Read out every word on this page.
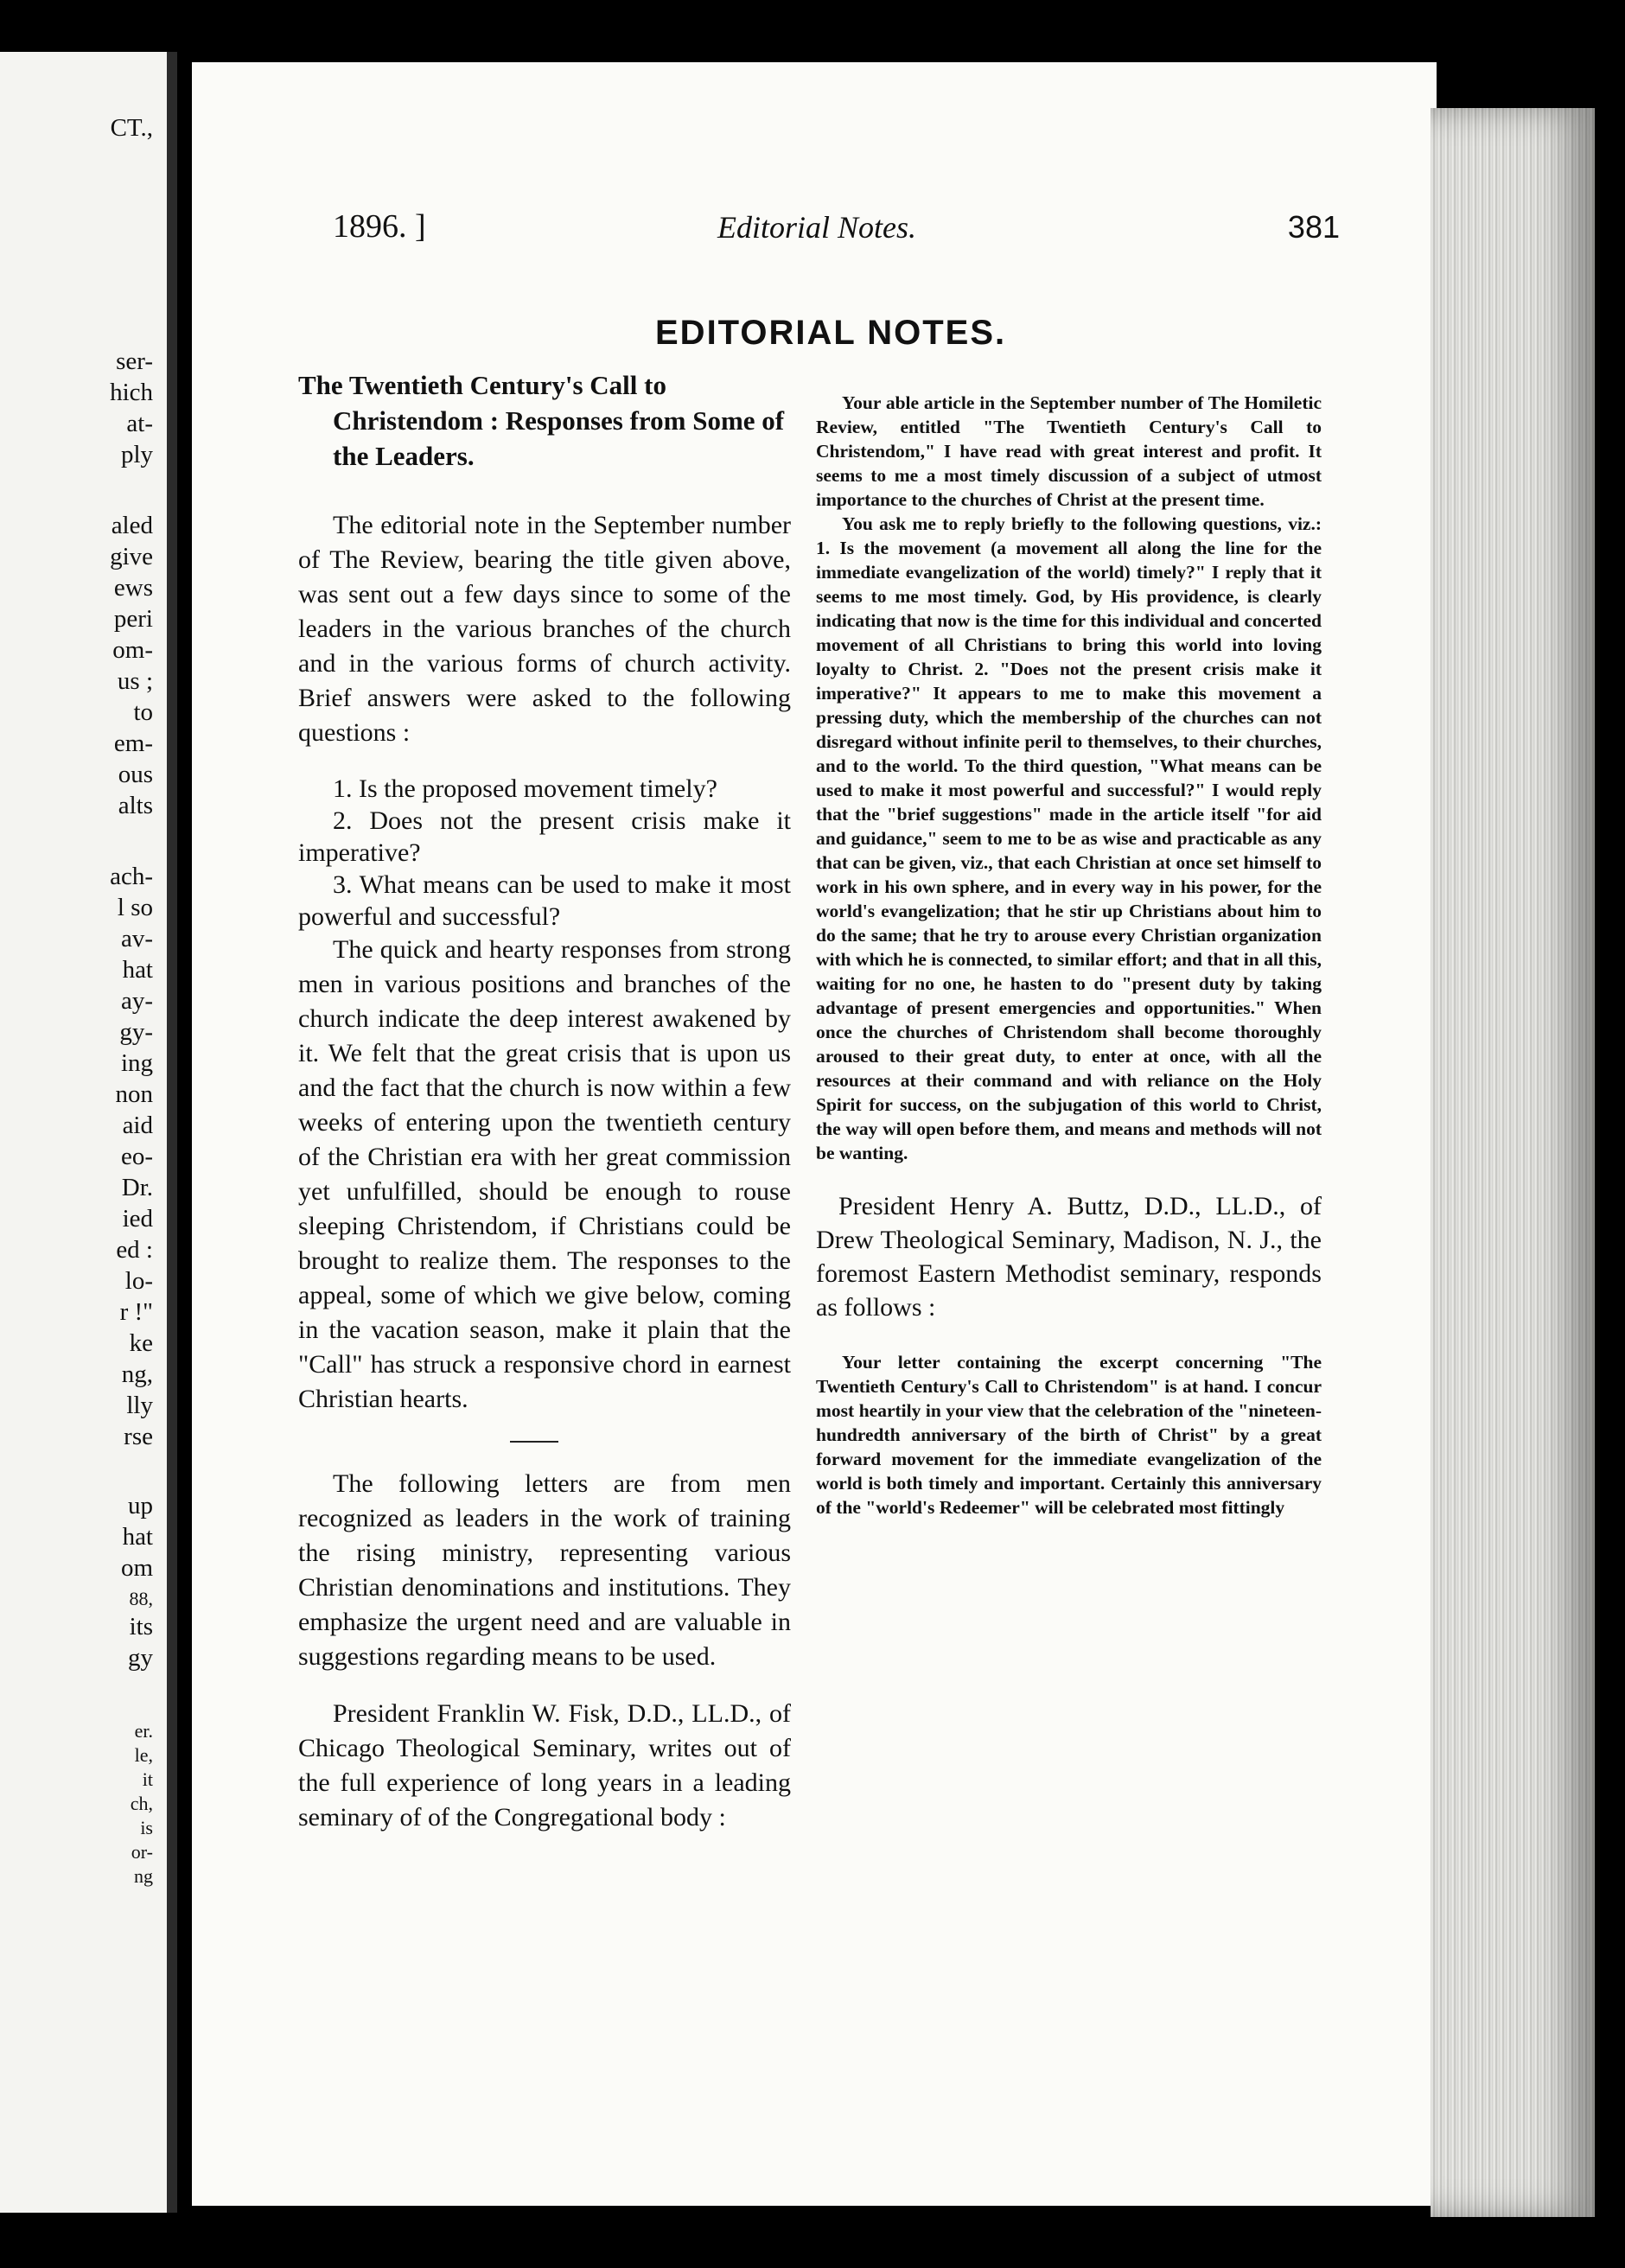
CT.,
ser-
hich
at-
ply
aled
give
ews
peri
om-
us ;
to
em-
ous
alts
ach-
l so
av-
hat
ay-
gy-
ing
non
aid
eo-
Dr.
ied
ed :
lo-
r !"
ke
ng,
lly
rse
up
hat
om
88,
its
gy
er.
le,
it
ch,
is
or-
ng
1896. ]	Editorial Notes.	381
EDITORIAL NOTES.

The Twentieth Century's Call to Christendom : Responses from Some of the Leaders.

The editorial note in the September number of The Review, bearing the title given above, was sent out a few days since to some of the leaders in the various branches of the church and in the various forms of church activity. Brief answers were asked to the following questions :

1. Is the proposed movement timely?

2. Does not the present crisis make it imperative?

3. What means can be used to make it most powerful and successful?

The quick and hearty responses from strong men in various positions and branches of the church indicate the deep interest awakened by it. We felt that the great crisis that is upon us and the fact that the church is now within a few weeks of entering upon the twentieth century of the Christian era with her great commission yet unfulfilled, should be enough to rouse sleeping Christendom, if Christians could be brought to realize them. The responses to the appeal, some of which we give below, coming in the vacation season, make it plain that the "Call" has struck a responsive chord in earnest Christian hearts.

The following letters are from men recognized as leaders in the work of training the rising ministry, representing various Christian denominations and institutions. They emphasize the urgent need and are valuable in suggestions regarding means to be used.

President Franklin W. Fisk, D.D., LL.D., of Chicago Theological Seminary, writes out of the full experience of long years in a leading seminary of of the Congregational body :

Your able article in the September number of The Homiletic Review, entitled "The Twentieth Century's Call to Christendom," I have read with great interest and profit. It seems to me a most timely discussion of a subject of utmost importance to the churches of Christ at the present time.

You ask me to reply briefly to the following questions, viz.: 1. Is the movement (a movement all along the line for the immediate evangelization of the world) timely?" I reply that it seems to me most timely. God, by His providence, is clearly indicating that now is the time for this individual and concerted movement of all Christians to bring this world into loving loyalty to Christ. 2. "Does not the present crisis make it imperative?" It appears to me to make this movement a pressing duty, which the membership of the churches can not disregard without infinite peril to themselves, to their churches, and to the world. To the third question, "What means can be used to make it most powerful and successful?" I would reply that the "brief suggestions" made in the article itself "for aid and guidance," seem to me to be as wise and practicable as any that can be given, viz., that each Christian at once set himself to work in his own sphere, and in every way in his power, for the world's evangelization; that he stir up Christians about him to do the same; that he try to arouse every Christian organization with which he is connected, to similar effort; and that in all this, waiting for no one, he hasten to do "present duty by taking advantage of present emergencies and opportunities." When once the churches of Christendom shall become thoroughly aroused to their great duty, to enter at once, with all the resources at their command and with reliance on the Holy Spirit for success, on the subjugation of this world to Christ, the way will open before them, and means and methods will not be wanting.

President Henry A. Buttz, D.D., LL.D., of Drew Theological Seminary, Madison, N. J., the foremost Eastern Methodist seminary, responds as follows :

Your letter containing the excerpt concerning "The Twentieth Century's Call to Christendom" is at hand. I concur most heartily in your view that the celebration of the "nineteen-hundredth anniversary of the birth of Christ" by a great forward movement for the immediate evangelization of the world is both timely and important. Certainly this anniversary of the "world's Redeemer" will be celebrated most fittingly
